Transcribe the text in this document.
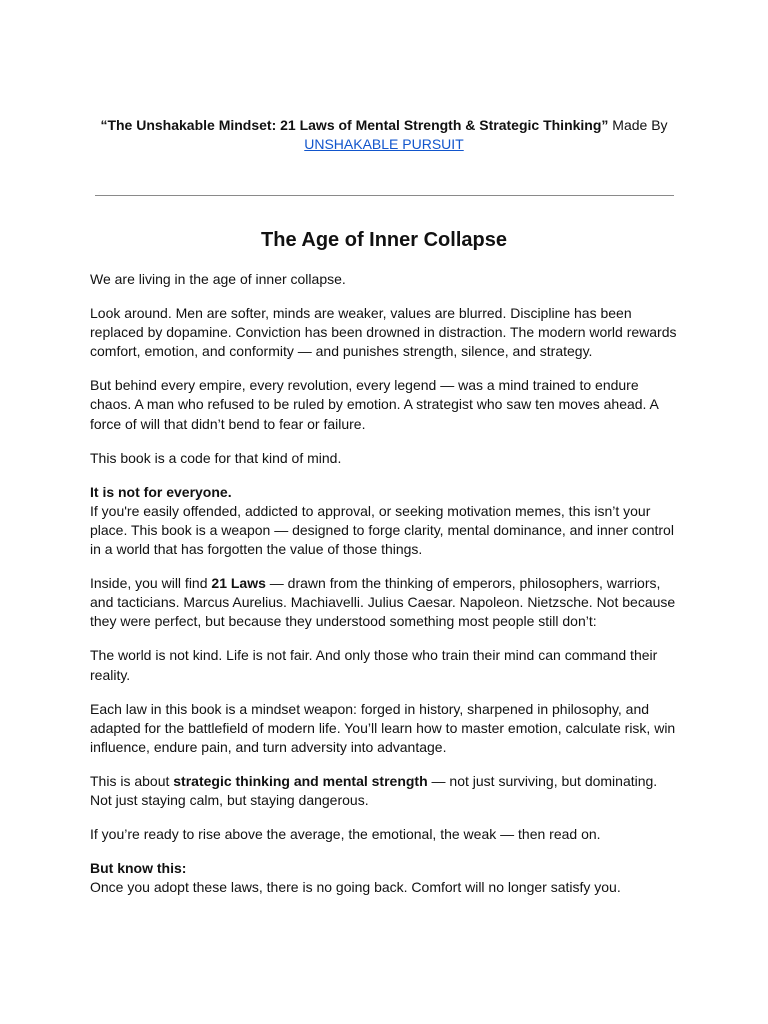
“The Unshakable Mindset: 21 Laws of Mental Strength & Strategic Thinking” Made By
UNSHAKABLE PURSUIT
The Age of Inner Collapse

We are living in the age of inner collapse.

Look around. Men are softer, minds are weaker, values are blurred. Discipline has been replaced by dopamine. Conviction has been drowned in distraction. The modern world rewards comfort, emotion, and conformity — and punishes strength, silence, and strategy.

But behind every empire, every revolution, every legend — was a mind trained to endure chaos. A man who refused to be ruled by emotion. A strategist who saw ten moves ahead. A force of will that didn’t bend to fear or failure.

This book is a code for that kind of mind.

It is not for everyone.
If you're easily offended, addicted to approval, or seeking motivation memes, this isn’t your place. This book is a weapon — designed to forge clarity, mental dominance, and inner control in a world that has forgotten the value of those things.

Inside, you will find 21 Laws — drawn from the thinking of emperors, philosophers, warriors, and tacticians. Marcus Aurelius. Machiavelli. Julius Caesar. Napoleon. Nietzsche. Not because they were perfect, but because they understood something most people still don’t:

The world is not kind. Life is not fair. And only those who train their mind can command their reality.

Each law in this book is a mindset weapon: forged in history, sharpened in philosophy, and adapted for the battlefield of modern life. You’ll learn how to master emotion, calculate risk, win influence, endure pain, and turn adversity into advantage.

This is about strategic thinking and mental strength — not just surviving, but dominating. Not just staying calm, but staying dangerous.

If you’re ready to rise above the average, the emotional, the weak — then read on.

But know this:
Once you adopt these laws, there is no going back. Comfort will no longer satisfy you.
